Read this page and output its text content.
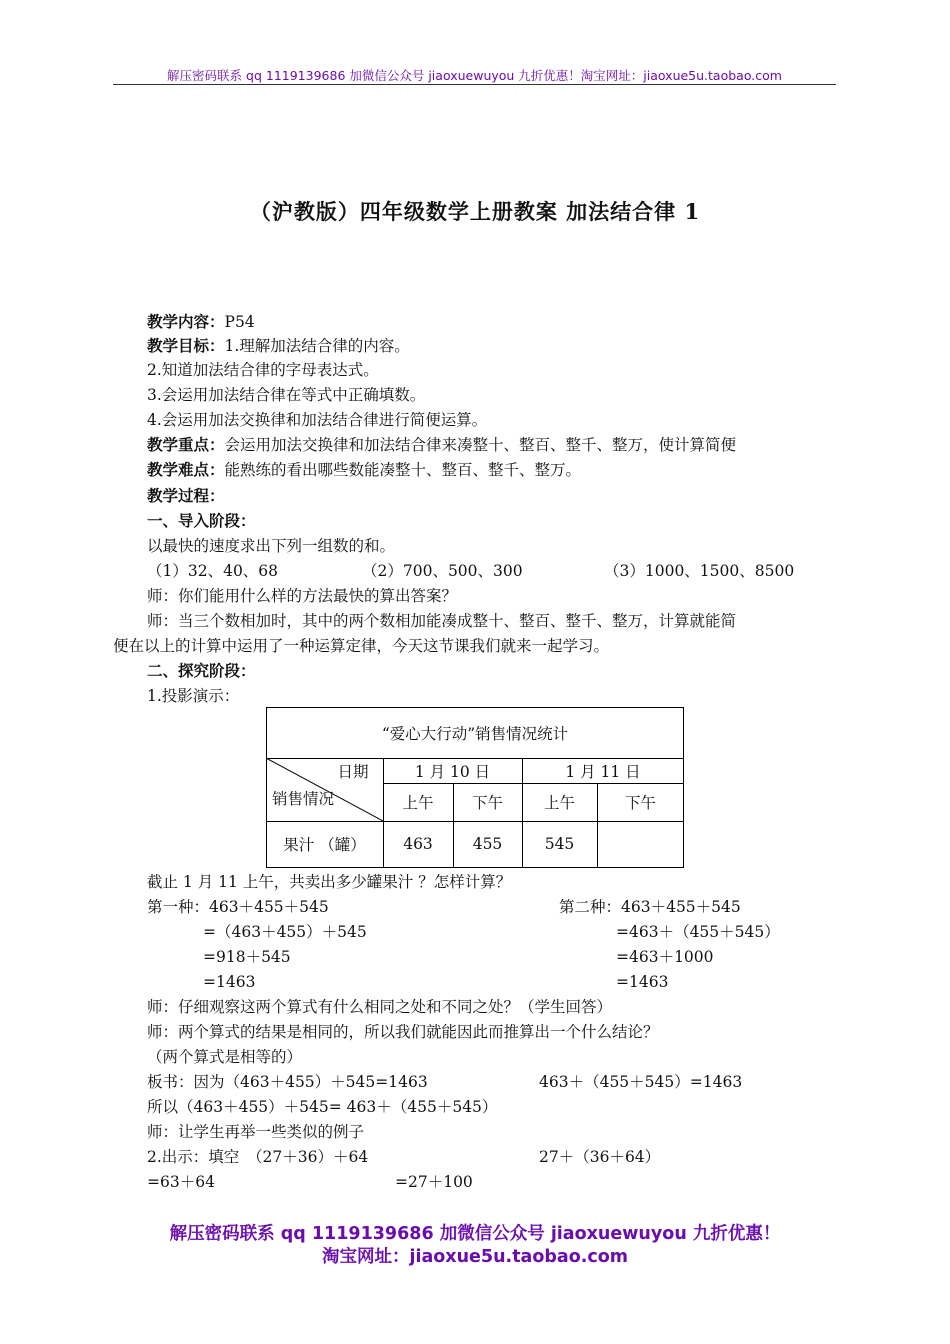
解压密码联系 qq 1119139686 加微信公众号 jiaoxuewuyou 九折优惠！淘宝网址：jiaoxue5u.taobao.com
（沪教版）四年级数学上册教案 加法结合律 1
教学内容：P54
教学目标：1.理解加法结合律的内容。
2.知道加法结合律的字母表达式。
3.会运用加法结合律在等式中正确填数。
4.会运用加法交换律和加法结合律进行简便运算。
教学重点：会运用加法交换律和加法结合律来凑整十、整百、整千、整万，使计算简便
教学难点：能熟练的看出哪些数能凑整十、整百、整千、整万。
教学过程：
一、导入阶段：
以最快的速度求出下列一组数的和。
（1）32、40、68	（2）700、500、300	（3）1000、1500、8500
师：你们能用什么样的方法最快的算出答案？
师：当三个数相加时，其中的两个数相加能凑成整十、整百、整千、整万，计算就能简
便在以上的计算中运用了一种运算定律，今天这节课我们就来一起学习。
二、探究阶段：
1.投影演示：
“爱心大行动”销售情况统计
日期
销售情况
1 月 10 日	1 月 11 日
上午	下午	上午	下午
果汁 （罐）	463	455	545
截止 1 月 11 上午，共卖出多少罐果汁 ？怎样计算？
第一种：463＋455＋545
=（463＋455）＋545
=918＋545
=1463
第二种：463＋455＋545
=463＋（455＋545）
=463＋1000
=1463
师：仔细观察这两个算式有什么相同之处和不同之处？（学生回答）
师：两个算式的结果是相同的，所以我们就能因此而推算出一个什么结论？
（两个算式是相等的）
板书：因为（463＋455）＋545=1463	463＋（455＋545）=1463
所以（463＋455）＋545= 463＋（455＋545）
师：让学生再举一些类似的例子
2.出示：填空　（27＋36）＋64	27＋（36＋64）
=63＋64	=27＋100
解压密码联系 qq 1119139686 加微信公众号 jiaoxuewuyou 九折优惠！
淘宝网址：jiaoxue5u.taobao.com
